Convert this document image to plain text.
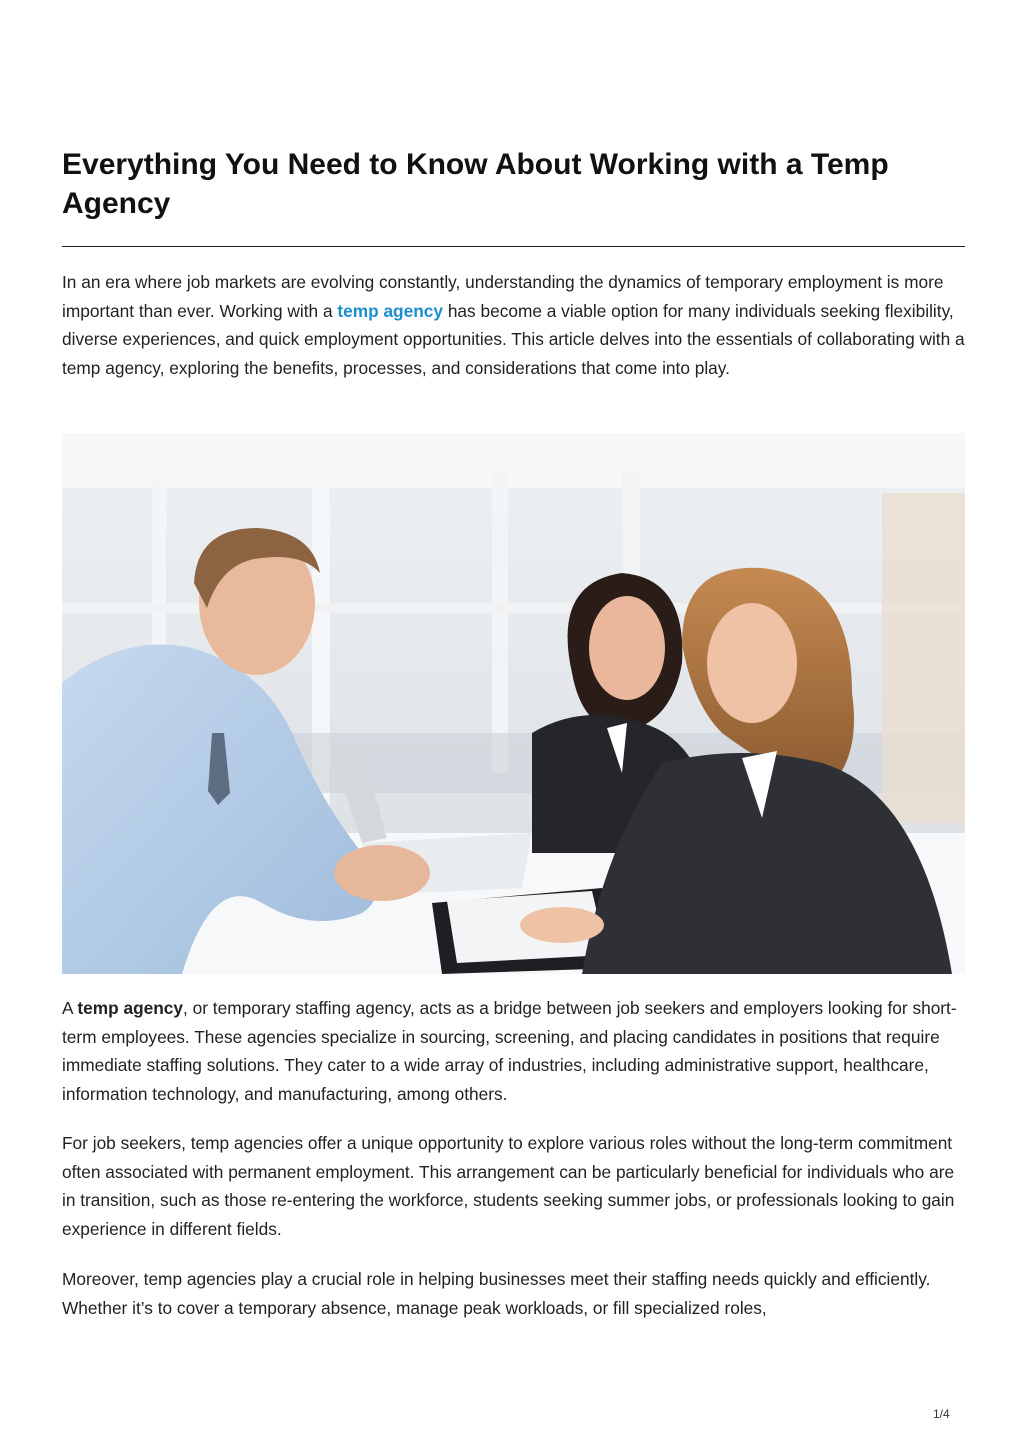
Everything You Need to Know About Working with a Temp Agency

In an era where job markets are evolving constantly, understanding the dynamics of temporary employment is more important than ever. Working with a temp agency has become a viable option for many individuals seeking flexibility, diverse experiences, and quick employment opportunities. This article delves into the essentials of collaborating with a temp agency, exploring the benefits, processes, and considerations that come into play.

A temp agency, or temporary staffing agency, acts as a bridge between job seekers and employers looking for short-term employees. These agencies specialize in sourcing, screening, and placing candidates in positions that require immediate staffing solutions. They cater to a wide array of industries, including administrative support, healthcare, information technology, and manufacturing, among others.

For job seekers, temp agencies offer a unique opportunity to explore various roles without the long-term commitment often associated with permanent employment. This arrangement can be particularly beneficial for individuals who are in transition, such as those re-entering the workforce, students seeking summer jobs, or professionals looking to gain experience in different fields.

Moreover, temp agencies play a crucial role in helping businesses meet their staffing needs quickly and efficiently. Whether it’s to cover a temporary absence, manage peak workloads, or fill specialized roles,

1/4
